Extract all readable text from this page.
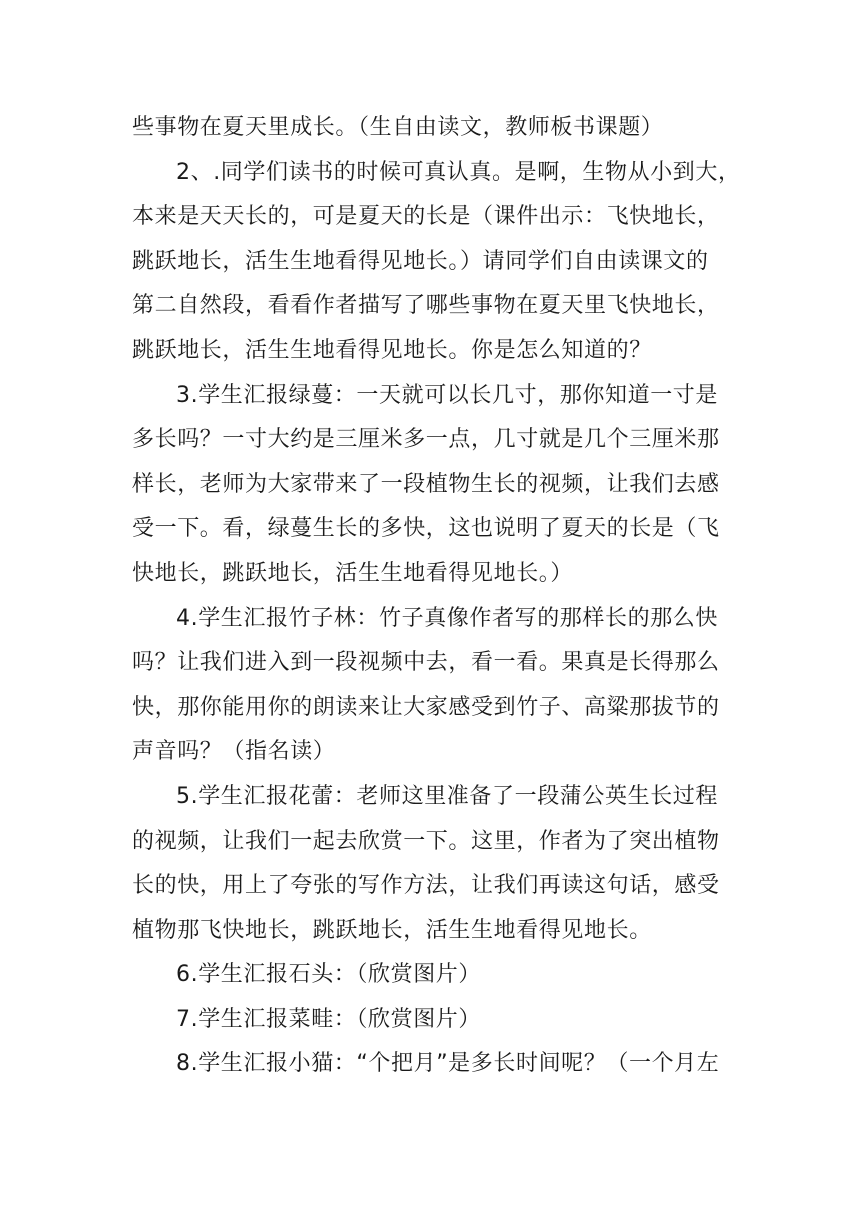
些事物在夏天里成长。（生自由读文，教师板书课题）
2、.同学们读书的时候可真认真。是啊，生物从小到大，
本来是天天长的，可是夏天的长是（课件出示：飞快地长，
跳跃地长，活生生地看得见地长。）请同学们自由读课文的
第二自然段，看看作者描写了哪些事物在夏天里飞快地长，
跳跃地长，活生生地看得见地长。你是怎么知道的？
3.学生汇报绿蔓：一天就可以长几寸，那你知道一寸是
多长吗？一寸大约是三厘米多一点，几寸就是几个三厘米那
样长，老师为大家带来了一段植物生长的视频，让我们去感
受一下。看，绿蔓生长的多快，这也说明了夏天的长是（飞
快地长，跳跃地长，活生生地看得见地长。）
4.学生汇报竹子林：竹子真像作者写的那样长的那么快
吗？让我们进入到一段视频中去，看一看。果真是长得那么
快，那你能用你的朗读来让大家感受到竹子、高粱那拔节的
声音吗？（指名读）
5.学生汇报花蕾：老师这里准备了一段蒲公英生长过程
的视频，让我们一起去欣赏一下。这里，作者为了突出植物
长的快，用上了夸张的写作方法，让我们再读这句话，感受
植物那飞快地长，跳跃地长，活生生地看得见地长。
6.学生汇报石头：（欣赏图片）
7.学生汇报菜畦：（欣赏图片）
8.学生汇报小猫：“个把月”是多长时间呢？（一个月左
